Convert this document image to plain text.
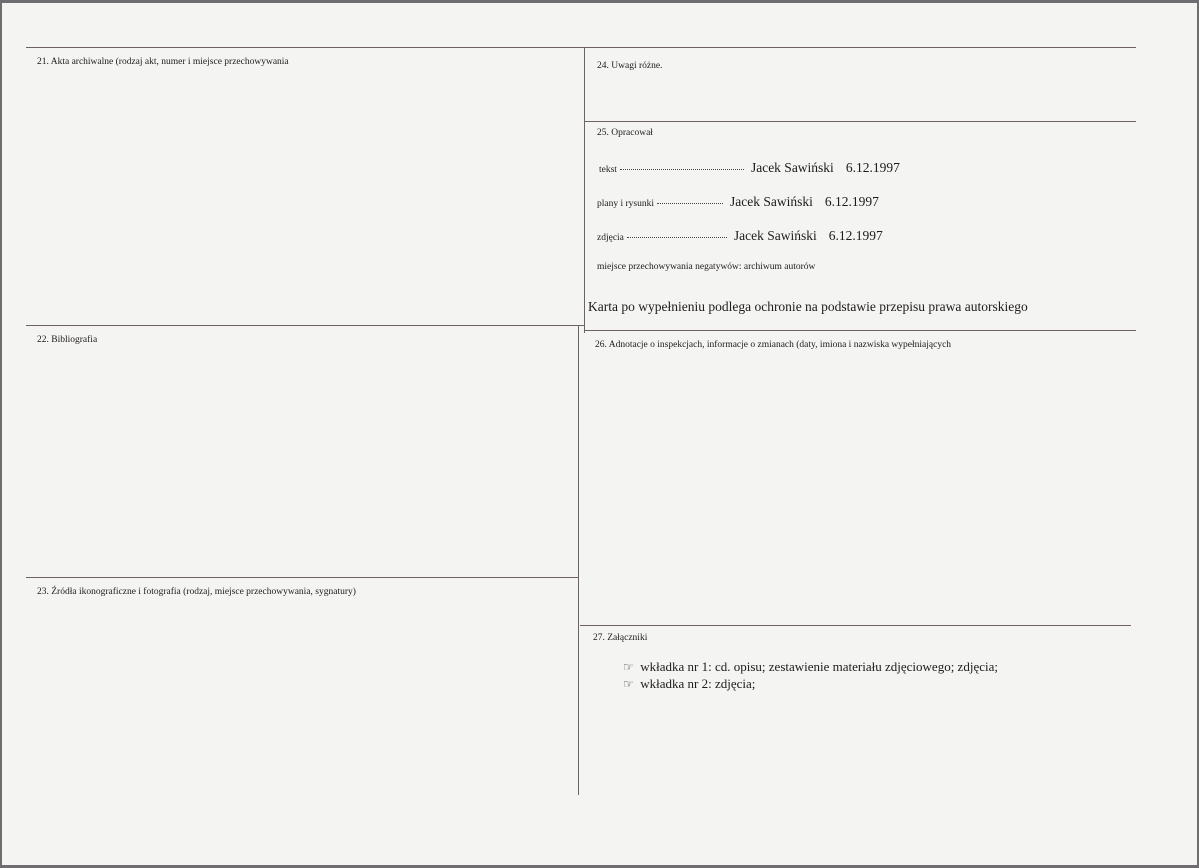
21. Akta archiwalne (rodzaj akt, numer i miejsce przechowywania	24. Uwagi różne.
25. Opracował
22. Bibliografia	26. Adnotacje o inspekcjach, informacje o zmianach (daty, imiona i nazwiska wypełniających
23. Źródła ikonograficzne i fotografia (rodzaj, miejsce przechowywania, sygnatury)
27. Załączniki
tekst	Jacek Sawiński 6.12.1997
plany i rysunki	Jacek Sawiński 6.12.1997
zdjęcia	Jacek Sawiński 6.12.1997
miejsce przechowywania negatywów: archiwum autorów
Karta po wypełnieniu podlega ochronie na podstawie przepisu prawa autorskiego
☞ wkładka nr 1: cd. opisu; zestawienie materiału zdjęciowego; zdjęcia;
☞ wkładka nr 2: zdjęcia;
